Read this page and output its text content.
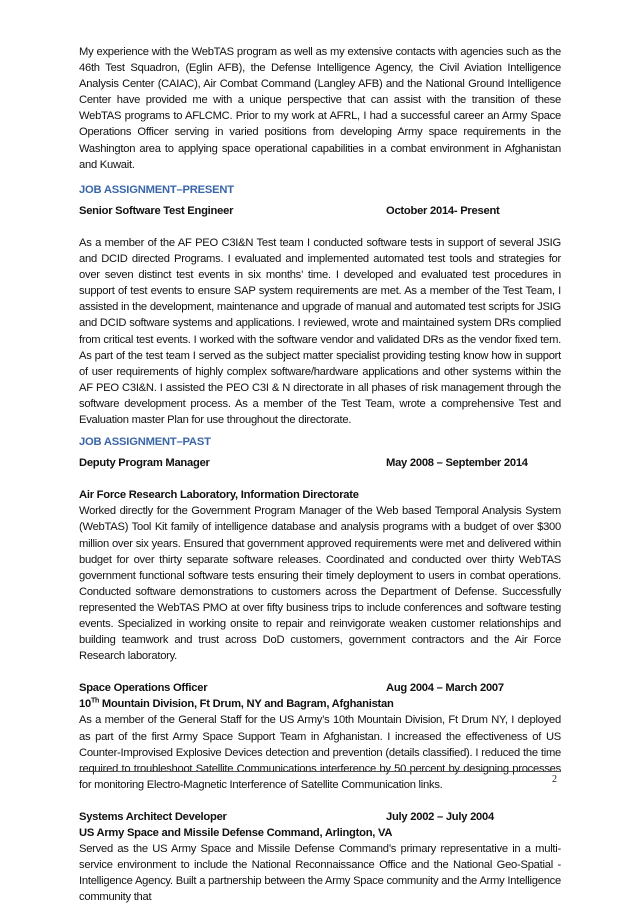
My experience with the WebTAS program as well as my extensive contacts with agencies such as the 46th Test Squadron, (Eglin AFB), the Defense Intelligence Agency, the Civil Aviation Intelligence Analysis Center (CAIAC), Air Combat Command (Langley AFB) and the National Ground Intelligence Center have provided me with a unique perspective that can assist with the transition of these WebTAS programs to AFLCMC. Prior to my work at AFRL, I had a successful career an Army Space Operations Officer serving in varied positions from developing Army space requirements in the Washington area to applying space operational capabilities in a combat environment in Afghanistan and Kuwait.

JOB ASSIGNMENT–PRESENT
Senior Software Test Engineer	October 2014- Present

As a member of the AF PEO C3I&N Test team I conducted software tests in support of several JSIG and DCID directed Programs. I evaluated and implemented automated test tools and strategies for over seven distinct test events in six months’ time. I developed and evaluated test procedures in support of test events to ensure SAP system requirements are met. As a member of the Test Team, I assisted in the development, maintenance and upgrade of manual and automated test scripts for JSIG and DCID software systems and applications. I reviewed, wrote and maintained system DRs complied from critical test events. I worked with the software vendor and validated DRs as the vendor fixed tem. As part of the test team I served as the subject matter specialist providing testing know how in support of user requirements of highly complex software/hardware applications and other systems within the AF PEO C3I&N. I assisted the PEO C3I & N directorate in all phases of risk management through the software development process. As a member of the Test Team, wrote a comprehensive Test and Evaluation master Plan for use throughout the directorate.

JOB ASSIGNMENT–PAST
Deputy Program Manager	May 2008 – September 2014
Air Force Research Laboratory, Information Directorate

Worked directly for the Government Program Manager of the Web based Temporal Analysis System (WebTAS) Tool Kit family of intelligence database and analysis programs with a budget of over $300 million over six years. Ensured that government approved requirements were met and delivered within budget for over thirty separate software releases. Coordinated and conducted over thirty WebTAS government functional software tests ensuring their timely deployment to users in combat operations. Conducted software demonstrations to customers across the Department of Defense. Successfully represented the WebTAS PMO at over fifty business trips to include conferences and software testing events. Specialized in working onsite to repair and reinvigorate weaken customer relationships and building teamwork and trust across DoD customers, government contractors and the Air Force Research laboratory.

Space Operations Officer	Aug 2004 – March 2007
10Th Mountain Division, Ft Drum, NY and Bagram, Afghanistan

As a member of the General Staff for the US Army’s 10th Mountain Division, Ft Drum NY, I deployed as part of the first Army Space Support Team in Afghanistan. I increased the effectiveness of US Counter-Improvised Explosive Devices detection and prevention (details classified). I reduced the time required to troubleshoot Satellite Communications interference by 50 percent by designing processes for monitoring Electro-Magnetic Interference of Satellite Communication links.

Systems Architect Developer	July 2002 – July 2004
US Army Space and Missile Defense Command, Arlington, VA

Served as the US Army Space and Missile Defense Command’s primary representative in a multi-service environment to include the National Reconnaissance Office and the National Geo-Spatial -Intelligence Agency. Built a partnership between the Army Space community and the Army Intelligence community that

2
